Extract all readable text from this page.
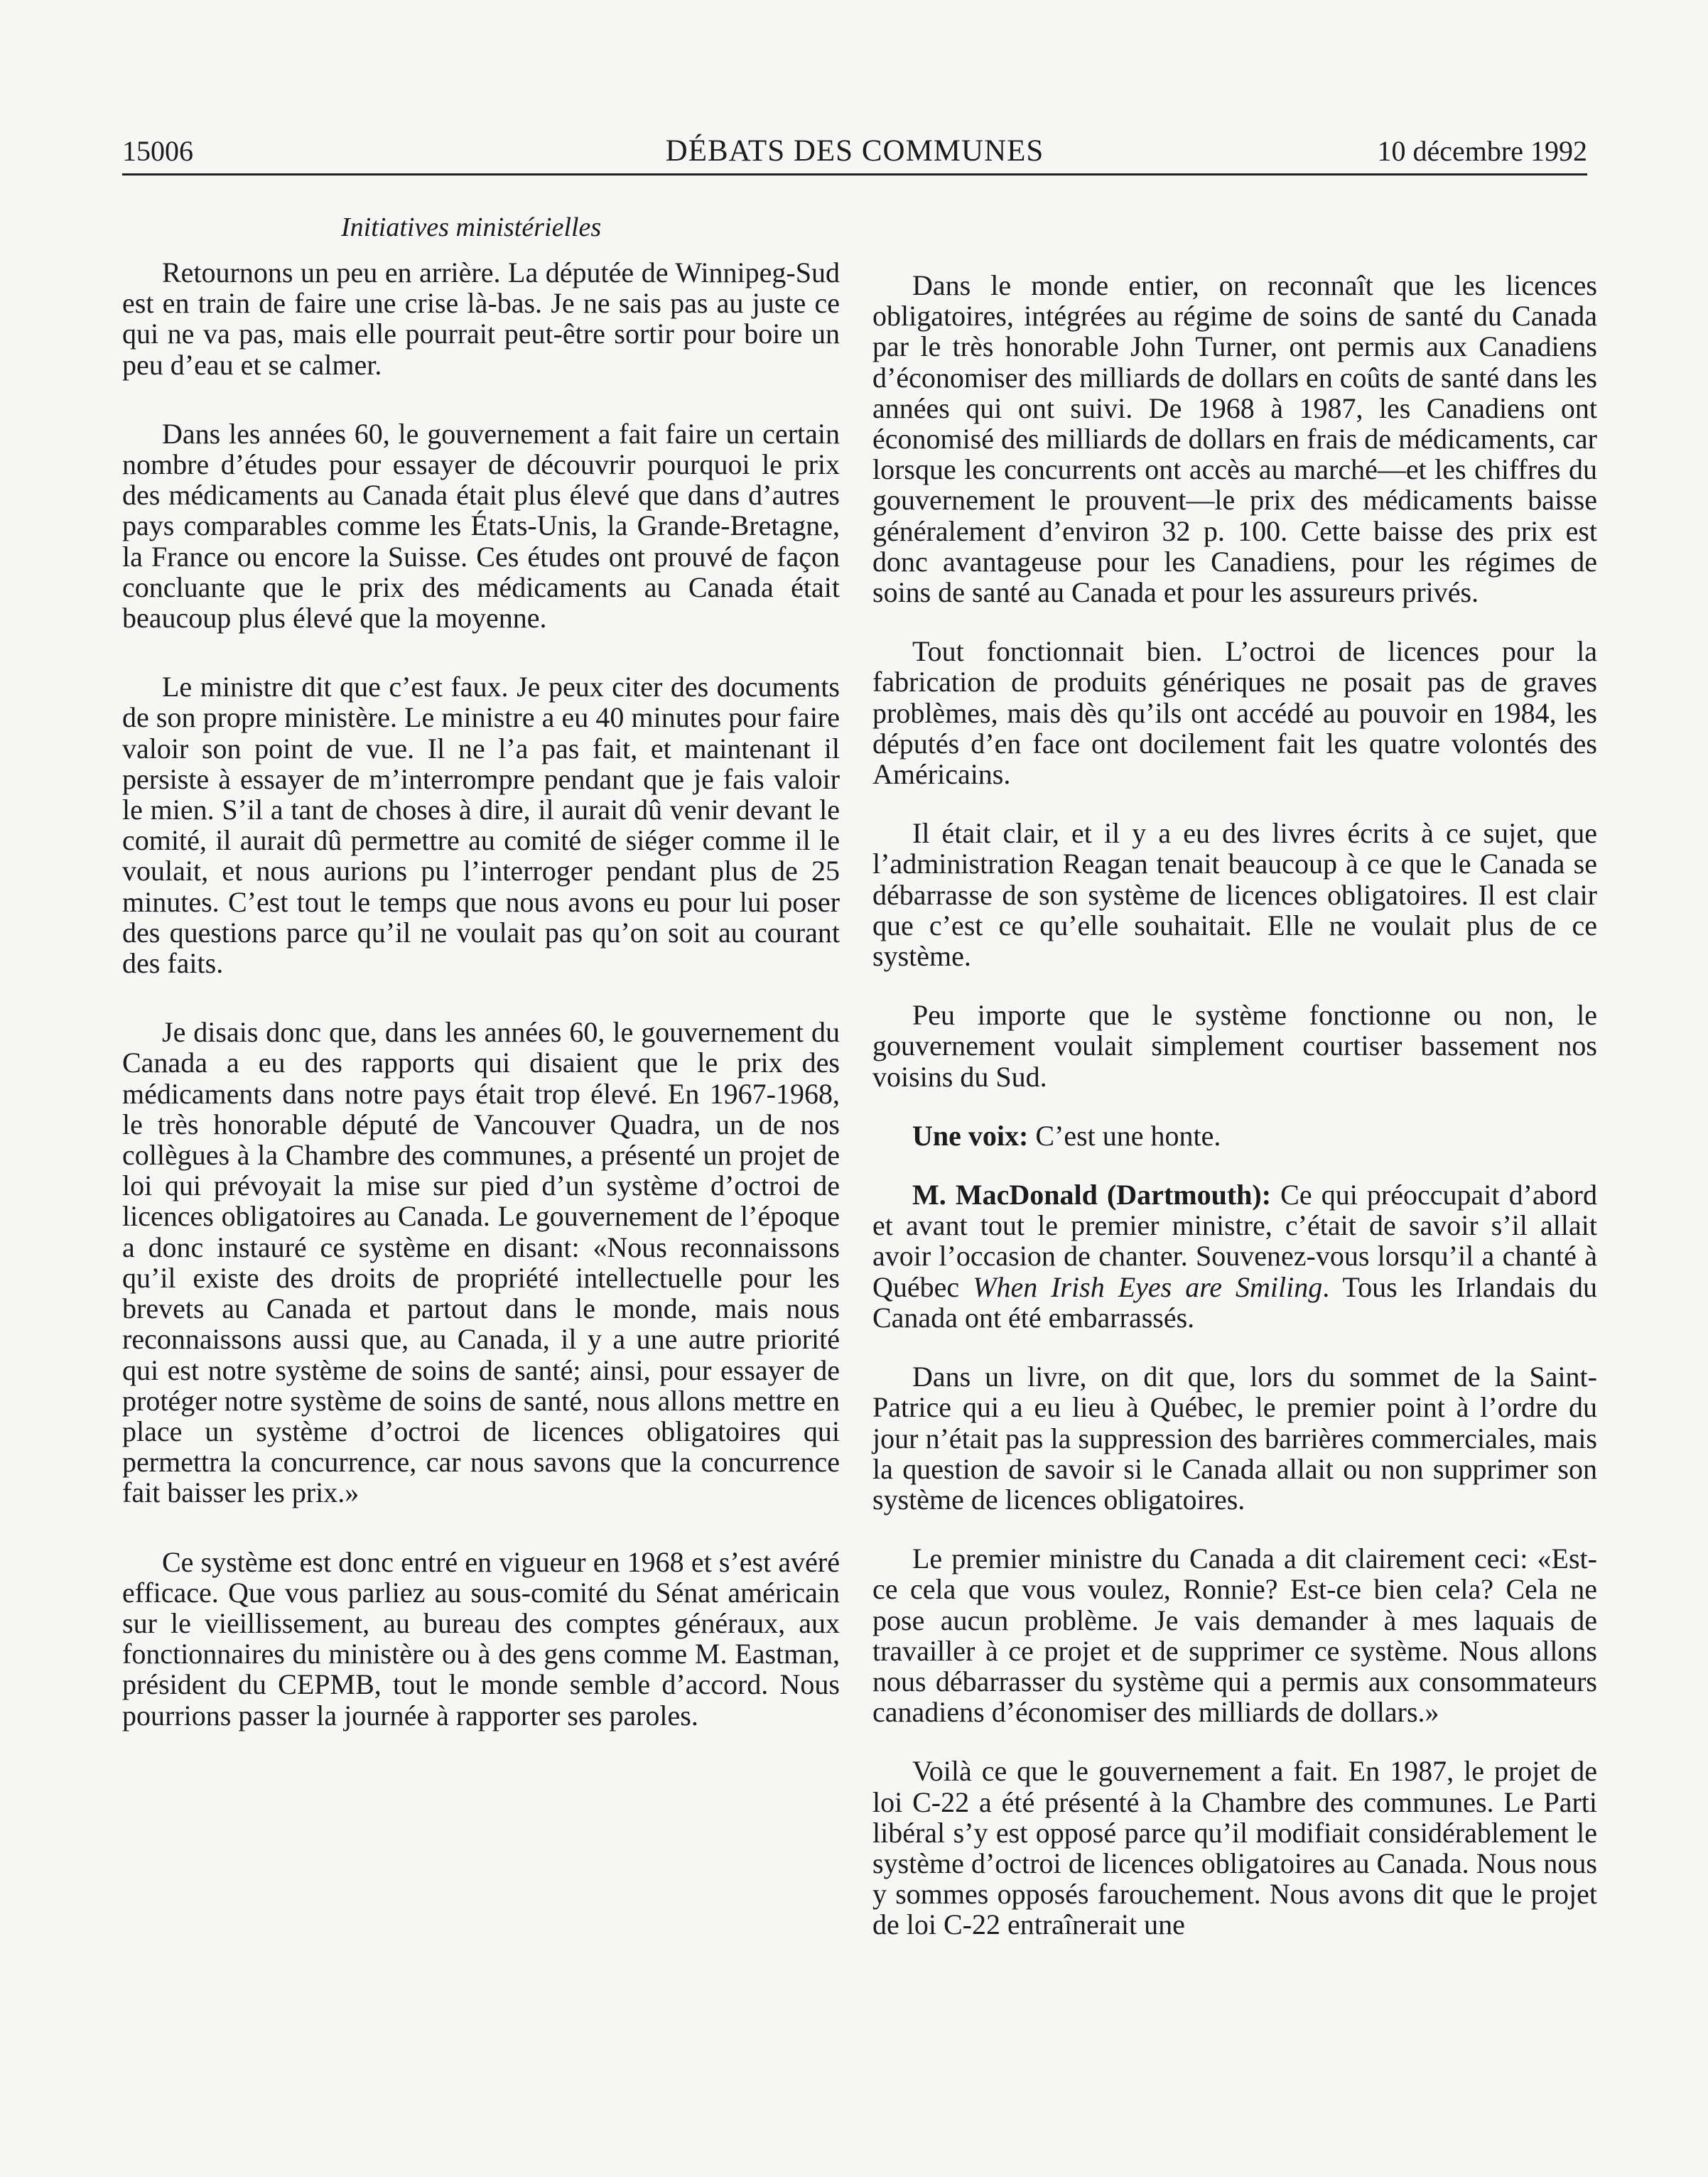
15006	DÉBATS DES COMMUNES	10 décembre 1992
Initiatives ministérielles

Retournons un peu en arrière. La députée de Winnipeg-Sud est en train de faire une crise là-bas. Je ne sais pas au juste ce qui ne va pas, mais elle pourrait peut-être sortir pour boire un peu d’eau et se calmer.

Dans les années 60, le gouvernement a fait faire un certain nombre d’études pour essayer de découvrir pourquoi le prix des médicaments au Canada était plus élevé que dans d’autres pays comparables comme les États-Unis, la Grande-Bretagne, la France ou encore la Suisse. Ces études ont prouvé de façon concluante que le prix des médicaments au Canada était beaucoup plus élevé que la moyenne.

Le ministre dit que c’est faux. Je peux citer des documents de son propre ministère. Le ministre a eu 40 minutes pour faire valoir son point de vue. Il ne l’a pas fait, et maintenant il persiste à essayer de m’interrompre pendant que je fais valoir le mien. S’il a tant de choses à dire, il aurait dû venir devant le comité, il aurait dû permettre au comité de siéger comme il le voulait, et nous aurions pu l’interroger pendant plus de 25 minutes. C’est tout le temps que nous avons eu pour lui poser des questions parce qu’il ne voulait pas qu’on soit au courant des faits.

Je disais donc que, dans les années 60, le gouvernement du Canada a eu des rapports qui disaient que le prix des médicaments dans notre pays était trop élevé. En 1967-1968, le très honorable député de Vancouver Quadra, un de nos collègues à la Chambre des communes, a présenté un projet de loi qui prévoyait la mise sur pied d’un système d’octroi de licences obligatoires au Canada. Le gouvernement de l’époque a donc instauré ce système en disant: «Nous reconnaissons qu’il existe des droits de propriété intellectuelle pour les brevets au Canada et partout dans le monde, mais nous reconnaissons aussi que, au Canada, il y a une autre priorité qui est notre système de soins de santé; ainsi, pour essayer de protéger notre système de soins de santé, nous allons mettre en place un système d’octroi de licences obligatoires qui permettra la concurrence, car nous savons que la concurrence fait baisser les prix.»

Ce système est donc entré en vigueur en 1968 et s’est avéré efficace. Que vous parliez au sous-comité du Sénat américain sur le vieillissement, au bureau des comptes généraux, aux fonctionnaires du ministère ou à des gens comme M. Eastman, président du CEPMB, tout le monde semble d’accord. Nous pourrions passer la journée à rapporter ses paroles.

Dans le monde entier, on reconnaît que les licences obligatoires, intégrées au régime de soins de santé du Canada par le très honorable John Turner, ont permis aux Canadiens d’économiser des milliards de dollars en coûts de santé dans les années qui ont suivi. De 1968 à 1987, les Canadiens ont économisé des milliards de dollars en frais de médicaments, car lorsque les concurrents ont accès au marché—et les chiffres du gouvernement le prouvent—le prix des médicaments baisse généralement d’environ 32 p. 100. Cette baisse des prix est donc avantageuse pour les Canadiens, pour les régimes de soins de santé au Canada et pour les assureurs privés.

Tout fonctionnait bien. L’octroi de licences pour la fabrication de produits génériques ne posait pas de graves problèmes, mais dès qu’ils ont accédé au pouvoir en 1984, les députés d’en face ont docilement fait les quatre volontés des Américains.

Il était clair, et il y a eu des livres écrits à ce sujet, que l’administration Reagan tenait beaucoup à ce que le Canada se débarrasse de son système de licences obligatoires. Il est clair que c’est ce qu’elle souhaitait. Elle ne voulait plus de ce système.

Peu importe que le système fonctionne ou non, le gouvernement voulait simplement courtiser bassement nos voisins du Sud.

Une voix: C’est une honte.

M. MacDonald (Dartmouth): Ce qui préoccupait d’abord et avant tout le premier ministre, c’était de savoir s’il allait avoir l’occasion de chanter. Souvenez-vous lorsqu’il a chanté à Québec When Irish Eyes are Smiling. Tous les Irlandais du Canada ont été embarrassés.

Dans un livre, on dit que, lors du sommet de la Saint-Patrice qui a eu lieu à Québec, le premier point à l’ordre du jour n’était pas la suppression des barrières commerciales, mais la question de savoir si le Canada allait ou non supprimer son système de licences obligatoires.

Le premier ministre du Canada a dit clairement ceci: «Est-ce cela que vous voulez, Ronnie? Est-ce bien cela? Cela ne pose aucun problème. Je vais demander à mes laquais de travailler à ce projet et de supprimer ce système. Nous allons nous débarrasser du système qui a permis aux consommateurs canadiens d’économiser des milliards de dollars.»

Voilà ce que le gouvernement a fait. En 1987, le projet de loi C-22 a été présenté à la Chambre des communes. Le Parti libéral s’y est opposé parce qu’il modifiait considérablement le système d’octroi de licences obligatoires au Canada. Nous nous y sommes opposés farouchement. Nous avons dit que le projet de loi C-22 entraînerait une
